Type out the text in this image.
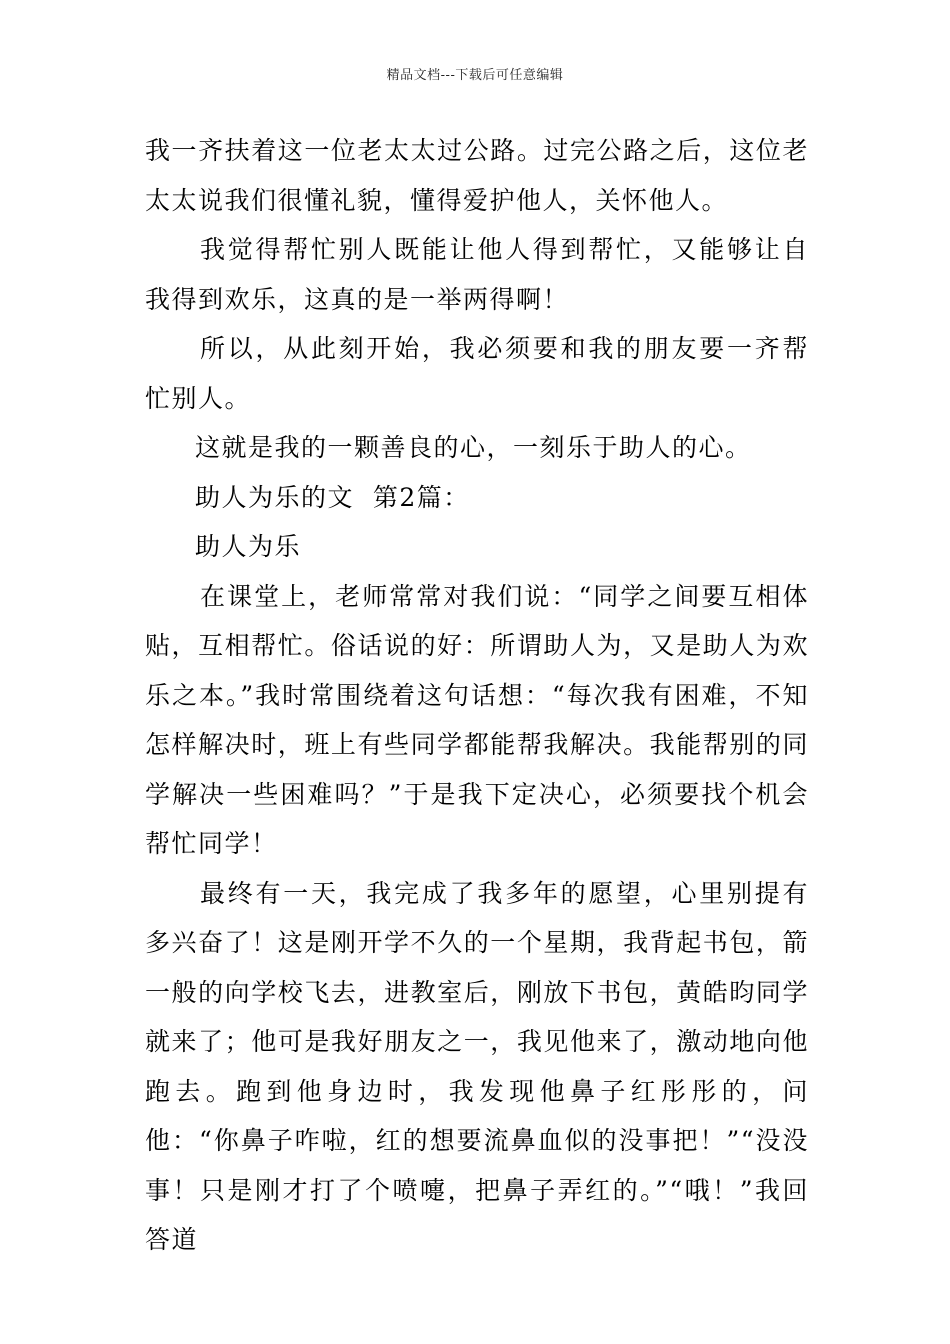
精品文档---下载后可任意编辑

我一齐扶着这一位老太太过公路。过完公路之后，这位老太太说我们很懂礼貌，懂得爱护他人，关怀他人。

我觉得帮忙别人既能让他人得到帮忙，又能够让自我得到欢乐，这真的是一举两得啊！

所以，从此刻开始，我必须要和我的朋友要一齐帮忙别人。

这就是我的一颗善良的心，一刻乐于助人的心。

助人为乐的文  第2篇：

助人为乐

在课堂上，老师常常对我们说：“同学之间要互相体贴，互相帮忙。俗话说的好：所谓助人为，又是助人为欢乐之本。”我时常围绕着这句话想：“每次我有困难，不知怎样解决时，班上有些同学都能帮我解决。我能帮别的同学解决一些困难吗？”于是我下定决心，必须要找个机会帮忙同学！

最终有一天，我完成了我多年的愿望，心里别提有多兴奋了！这是刚开学不久的一个星期，我背起书包，箭一般的向学校飞去，进教室后，刚放下书包，黄皓昀同学就来了；他可是我好朋友之一，我见他来了，激动地向他跑去。跑到他身边时，我发现他鼻子红彤彤的，问他：“你鼻子咋啦，红的想要流鼻血似的没事把！”“没没事！只是刚才打了个喷嚏，把鼻子弄红的。”“哦！”我回答道
